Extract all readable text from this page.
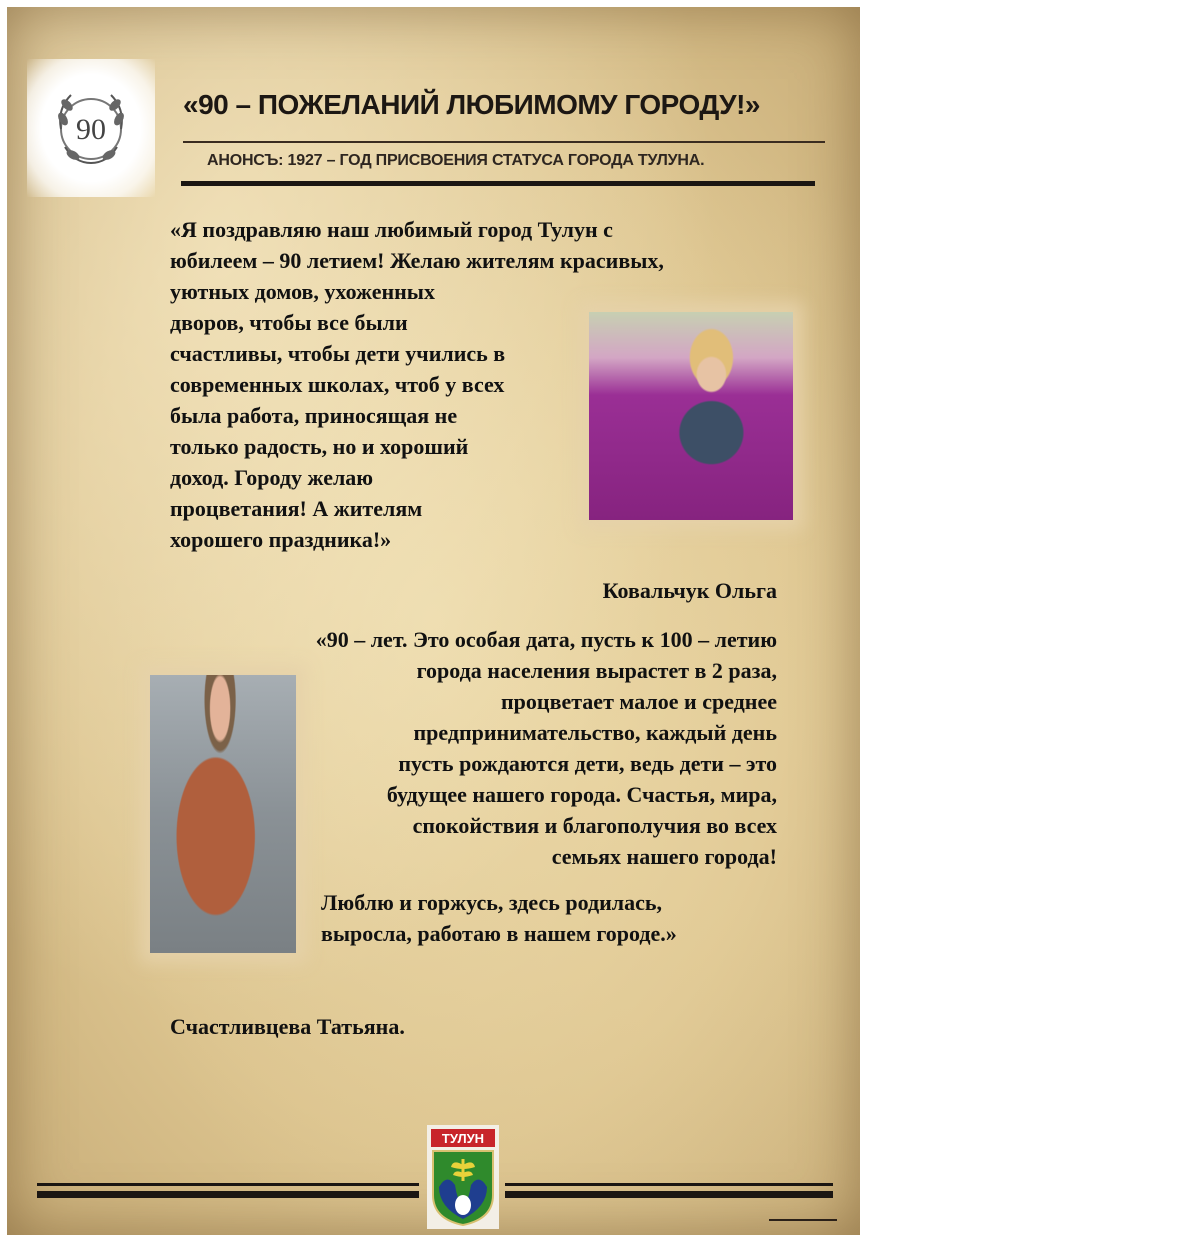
90
«90 – ПОЖЕЛАНИЙ ЛЮБИМОМУ ГОРОДУ!»
АНОНСЪ: 1927 – ГОД ПРИСВОЕНИЯ СТАТУСА ГОРОДА ТУЛУНА.
«Я поздравляю наш любимый город Тулун с
юбилеем – 90 летием! Желаю жителям красивых,
уютных домов, ухоженных
дворов, чтобы все были
счастливы, чтобы дети учились в
современных школах, чтоб у всех
была работа, приносящая не
только радость, но и хороший
доход. Городу желаю
процветания! А жителям
хорошего праздника!»
Ковальчук Ольга
«90 – лет. Это особая дата, пусть к 100 – летию
города населения вырастет в 2 раза,
процветает малое и среднее
предпринимательство, каждый день
пусть рождаются дети, ведь дети – это
будущее нашего города. Счастья, мира,
спокойствия и благополучия во всех
семьях нашего города!
Люблю и горжусь, здесь родилась,
выросла, работаю в нашем городе.»
Счастливцева Татьяна.
ТУЛУН
